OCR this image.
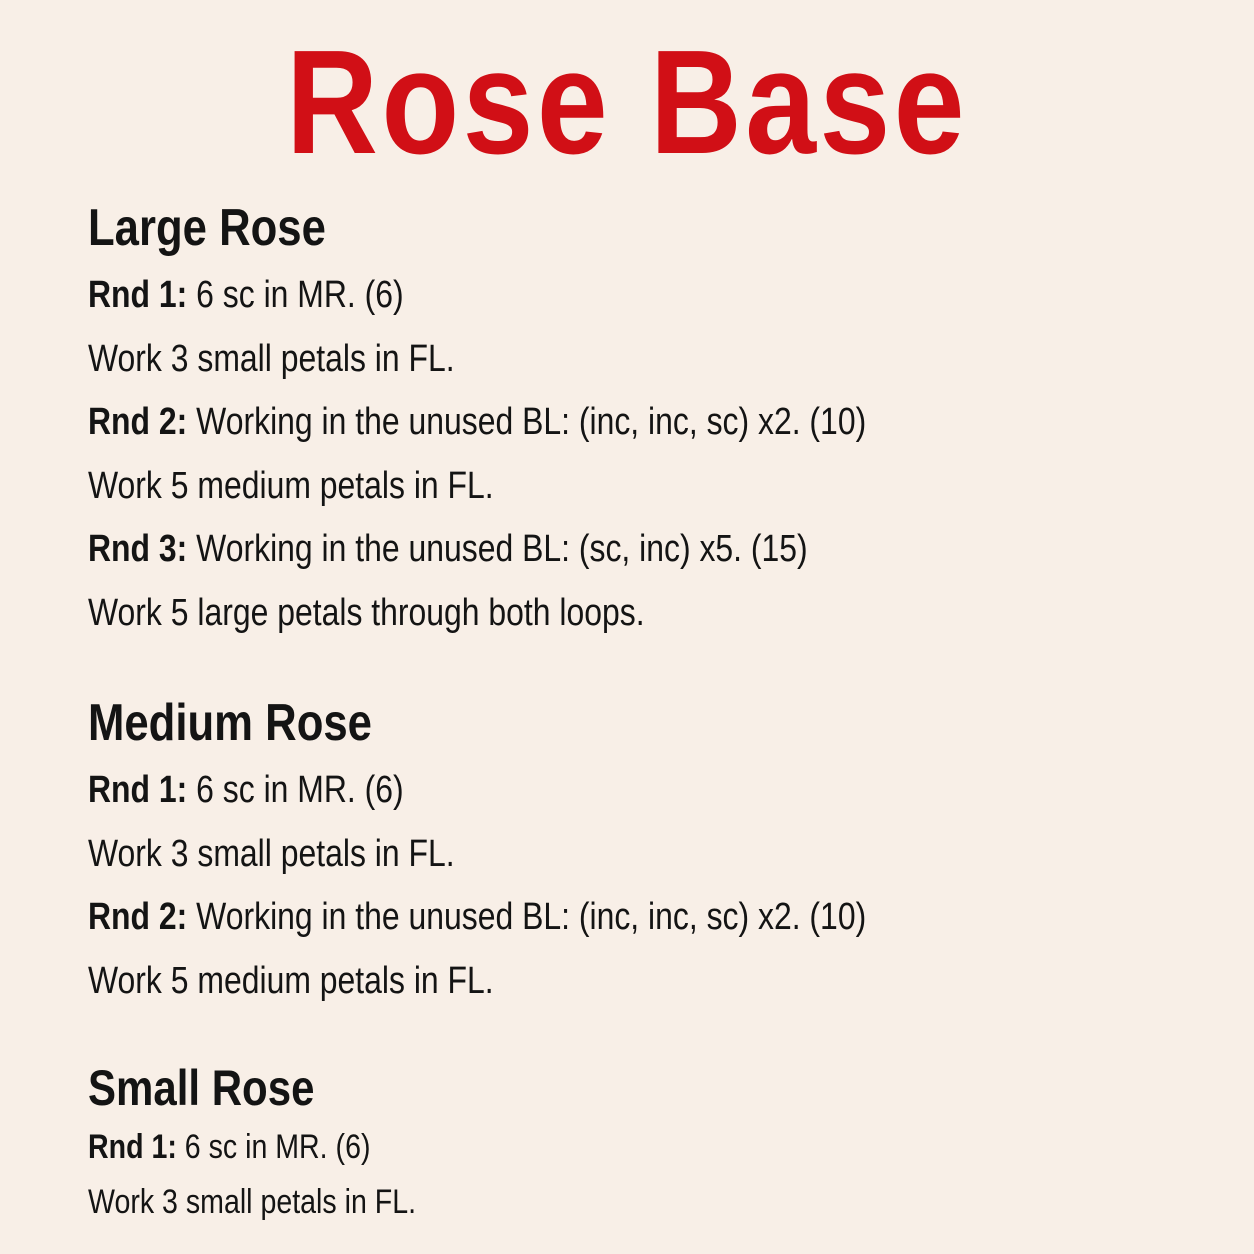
Rose Base
Large Rose

Rnd 1: 6 sc in MR. (6)

Work 3 small petals in FL.

Rnd 2: Working in the unused BL: (inc, inc, sc) x2. (10)

Work 5 medium petals in FL.

Rnd 3: Working in the unused BL: (sc, inc) x5. (15)

Work 5 large petals through both loops.

Medium Rose

Rnd 1: 6 sc in MR. (6)

Work 3 small petals in FL.

Rnd 2: Working in the unused BL: (inc, inc, sc) x2. (10)

Work 5 medium petals in FL.

Small Rose

Rnd 1: 6 sc in MR. (6)

Work 3 small petals in FL.
